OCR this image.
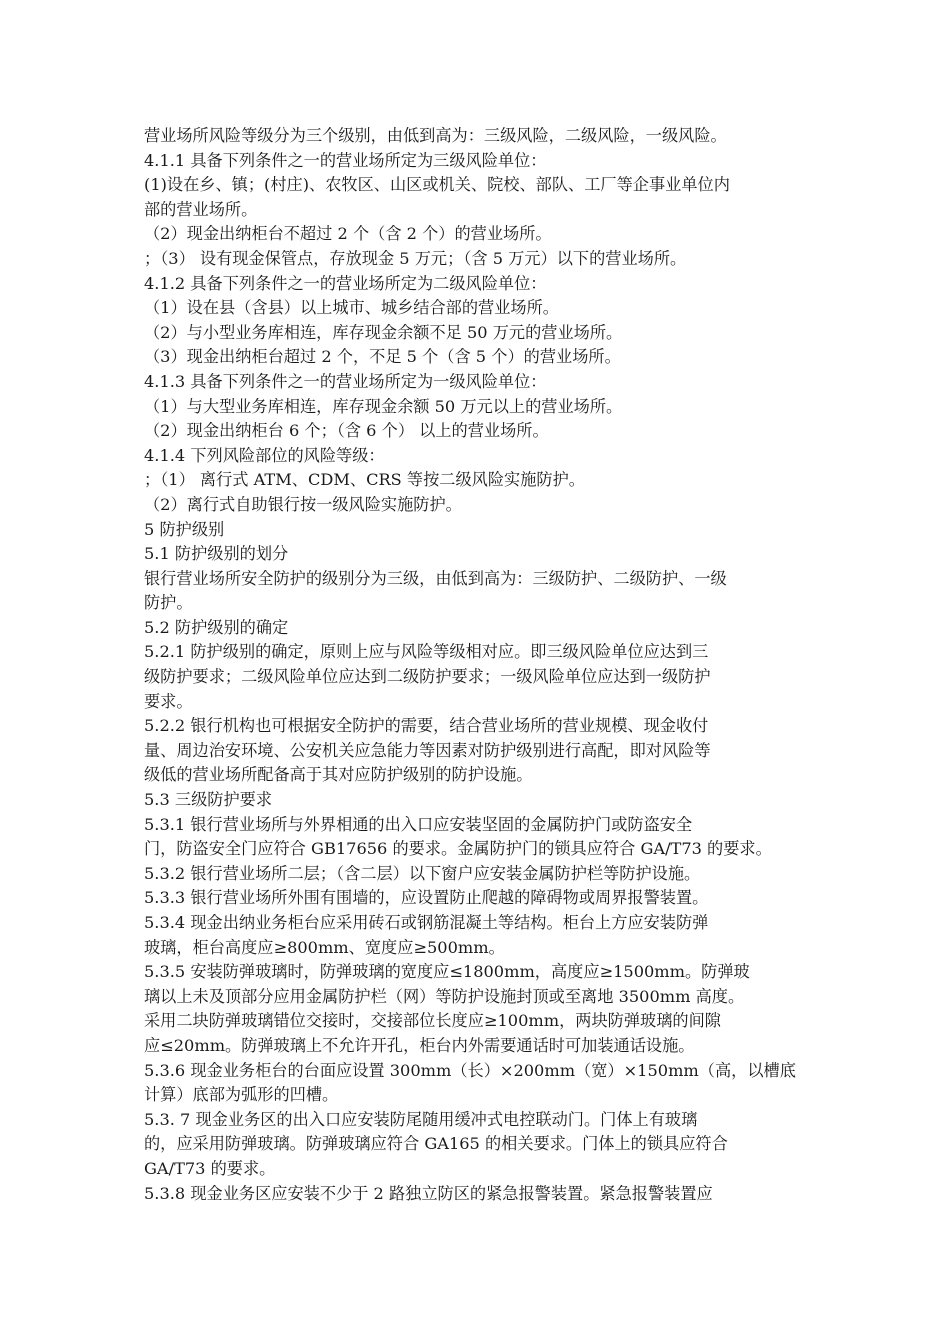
营业场所风险等级分为三个级别，由低到高为：三级风险，二级风险，一级风险。
4.1.1 具备下列条件之一的营业场所定为三级风险单位：
(1)设在乡、镇；(村庄)、农牧区、山区或机关、院校、部队、工厂等企事业单位内
部的营业场所。
（2）现金出纳柜台不超过 2 个（含 2 个）的营业场所。
；（3） 设有现金保管点，存放现金 5 万元；（含 5 万元）以下的营业场所。
4.1.2 具备下列条件之一的营业场所定为二级风险单位：
（1）设在县（含县）以上城市、城乡结合部的营业场所。
（2）与小型业务库相连，库存现金余额不足 50 万元的营业场所。
（3）现金出纳柜台超过 2 个，不足 5 个（含 5 个）的营业场所。
4.1.3 具备下列条件之一的营业场所定为一级风险单位：
（1）与大型业务库相连，库存现金余额 50 万元以上的营业场所。
（2）现金出纳柜台 6 个；（含 6 个） 以上的营业场所。
4.1.4 下列风险部位的风险等级：
；（1） 离行式 ATM、CDM、CRS 等按二级风险实施防护。
（2）离行式自助银行按一级风险实施防护。
5 防护级别
5.1 防护级别的划分
银行营业场所安全防护的级别分为三级，由低到高为：三级防护、二级防护、一级
防护。
5.2 防护级别的确定
5.2.1 防护级别的确定，原则上应与风险等级相对应。即三级风险单位应达到三
级防护要求；二级风险单位应达到二级防护要求；一级风险单位应达到一级防护
要求。
5.2.2 银行机构也可根据安全防护的需要，结合营业场所的营业规模、现金收付
量、周边治安环境、公安机关应急能力等因素对防护级别进行高配，即对风险等
级低的营业场所配备高于其对应防护级别的防护设施。
5.3 三级防护要求
5.3.1 银行营业场所与外界相通的出入口应安装坚固的金属防护门或防盗安全
门，防盗安全门应符合 GB17656 的要求。金属防护门的锁具应符合 GA/T73 的要求。
5.3.2 银行营业场所二层；（含二层）以下窗户应安装金属防护栏等防护设施。
5.3.3 银行营业场所外围有围墙的，应设置防止爬越的障碍物或周界报警装置。
5.3.4 现金出纳业务柜台应采用砖石或钢筋混凝土等结构。柜台上方应安装防弹
玻璃，柜台高度应≥800mm、宽度应≥500mm。
5.3.5 安装防弹玻璃时，防弹玻璃的宽度应≤1800mm，高度应≥1500mm。防弹玻
璃以上未及顶部分应用金属防护栏（网）等防护设施封顶或至离地 3500mm 高度。
采用二块防弹玻璃错位交接时，交接部位长度应≥100mm，两块防弹玻璃的间隙
应≤20mm。防弹玻璃上不允许开孔，柜台内外需要通话时可加装通话设施。
5.3.6 现金业务柜台的台面应设置 300mm（长）×200mm（宽）×150mm（高，以槽底
计算）底部为弧形的凹槽。
5.3. 7 现金业务区的出入口应安装防尾随用缓冲式电控联动门。门体上有玻璃
的，应采用防弹玻璃。防弹玻璃应符合 GA165 的相关要求。门体上的锁具应符合
GA/T73 的要求。
5.3.8 现金业务区应安装不少于 2 路独立防区的紧急报警装置。紧急报警装置应
